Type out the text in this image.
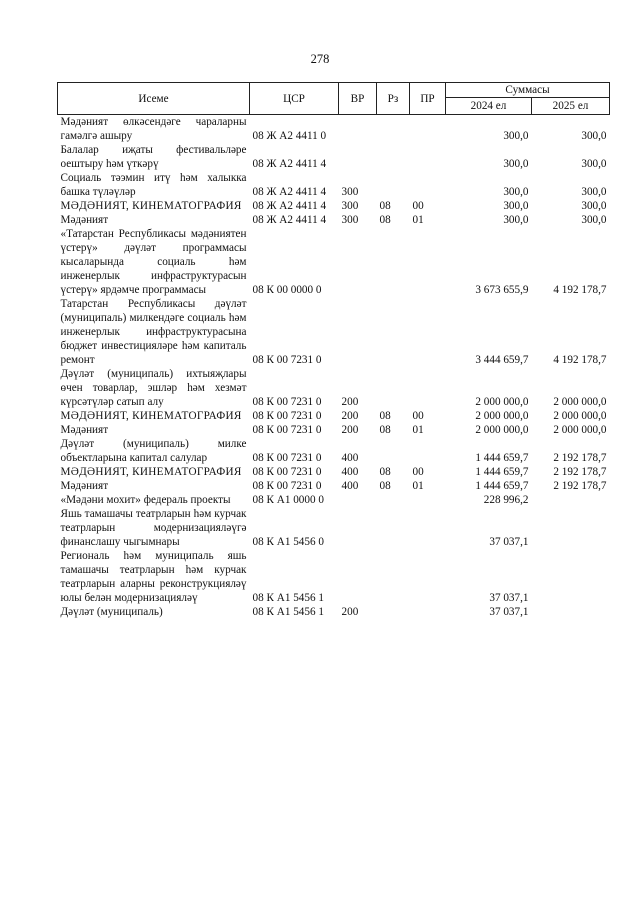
278
Исеме	ЦСР	ВР	Рз	ПР	Суммасы	
					2024 ел	2025 ел
Мәдәният өлкәсендәге чараларны гамәлгә ашыру	08 Ж А2 4411 0				300,0	300,0
Балалар иҗаты фестивальләре оештыру һәм үткәрү	08 Ж А2 4411 4				300,0	300,0
Социаль тәэмин итү һәм халыкка башка түләүләр	08 Ж А2 4411 4	300			300,0	300,0
МӘДӘНИЯТ, КИНЕМАТОГРАФИЯ	08 Ж А2 4411 4	300	08	00	300,0	300,0
Мәдәният	08 Ж А2 4411 4	300	08	01	300,0	300,0
«Татарстан Республикасы мәдәниятен үстерү» дәүләт программасы кысаларында социаль һәм инженерлык инфраструктурасын үстерү» ярдәмче программасы	08 К 00 0000 0				3 673 655,9	4 192 178,7
Татарстан Республикасы дәүләт (муниципаль) милкендәге социаль һәм инженерлык инфраструктурасына бюджет инвестицияләре һәм капиталь ремонт	08 К 00 7231 0				3 444 659,7	4 192 178,7
Дәүләт (муниципаль) ихтыяҗлары өчен товарлар, эшләр һәм хезмәт күрсәтүләр сатып алу	08 К 00 7231 0	200			2 000 000,0	2 000 000,0
МӘДӘНИЯТ, КИНЕМАТОГРАФИЯ	08 К 00 7231 0	200	08	00	2 000 000,0	2 000 000,0
Мәдәният	08 К 00 7231 0	200	08	01	2 000 000,0	2 000 000,0
Дәүләт (муниципаль) милке объектларына капитал салулар	08 К 00 7231 0	400			1 444 659,7	2 192 178,7
МӘДӘНИЯТ, КИНЕМАТОГРАФИЯ	08 К 00 7231 0	400	08	00	1 444 659,7	2 192 178,7
Мәдәният	08 К 00 7231 0	400	08	01	1 444 659,7	2 192 178,7
«Мәдәни мохит» федераль проекты	08 К А1 0000 0				228 996,2	
Яшь тамашачы театрларын һәм курчак театрларын модернизацияләүгә финанслашу чыгымнары	08 К А1 5456 0				37 037,1	
Региональ һәм муниципаль яшь тамашачы театрларын һәм курчак театрларын аларны реконструкцияләү юлы белән модернизацияләү	08 К А1 5456 1				37 037,1	
Дәүләт (муниципаль)	08 К А1 5456 1	200			37 037,1	
